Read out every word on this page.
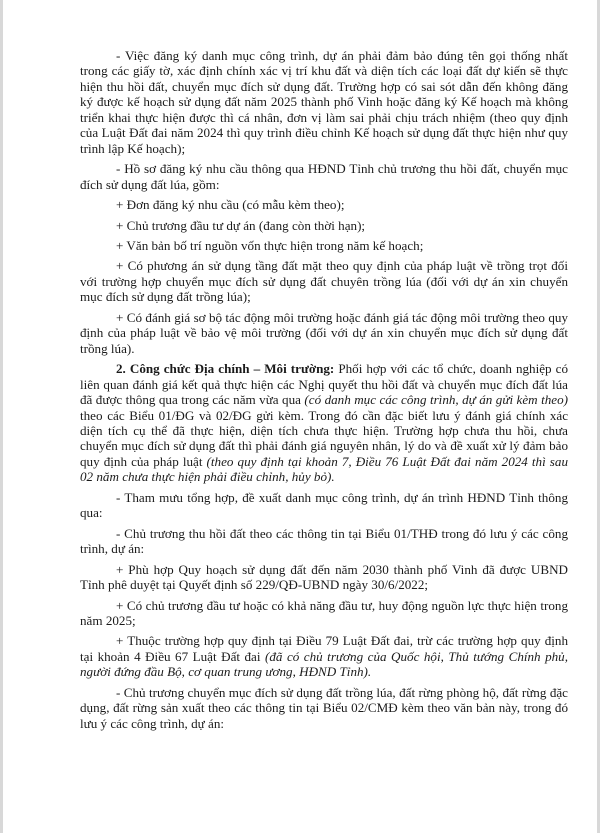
- Việc đăng ký danh mục công trình, dự án phải đảm bảo đúng tên gọi thống nhất trong các giấy tờ, xác định chính xác vị trí khu đất và diện tích các loại đất dự kiến sẽ thực hiện thu hồi đất, chuyển mục đích sử dụng đất. Trường hợp có sai sót dẫn đến không đăng ký được kế hoạch sử dụng đất năm 2025 thành phố Vinh hoặc đăng ký Kế hoạch mà không triển khai thực hiện được thì cá nhân, đơn vị làm sai phải chịu trách nhiệm (theo quy định của Luật Đất đai năm 2024 thì quy trình điều chỉnh Kế hoạch sử dụng đất thực hiện như quy trình lập Kế hoạch);

- Hồ sơ đăng ký nhu cầu thông qua HĐND Tỉnh chủ trương thu hồi đất, chuyển mục đích sử dụng đất lúa, gồm:

+ Đơn đăng ký nhu cầu (có mẫu kèm theo);

+ Chủ trương đầu tư dự án (đang còn thời hạn);

+ Văn bản bố trí nguồn vốn thực hiện trong năm kế hoạch;

+ Có phương án sử dụng tầng đất mặt theo quy định của pháp luật về trồng trọt đối với trường hợp chuyển mục đích sử dụng đất chuyên trồng lúa (đối với dự án xin chuyển mục đích sử dụng đất trồng lúa);

+ Có đánh giá sơ bộ tác động môi trường hoặc đánh giá tác động môi trường theo quy định của pháp luật về bảo vệ môi trường (đối với dự án xin chuyển mục đích sử dụng đất trồng lúa).

2. Công chức Địa chính – Môi trường: Phối hợp với các tổ chức, doanh nghiệp có liên quan đánh giá kết quả thực hiện các Nghị quyết thu hồi đất và chuyển mục đích đất lúa đã được thông qua trong các năm vừa qua (có danh mục các công trình, dự án gửi kèm theo) theo các Biểu 01/ĐG và 02/ĐG gửi kèm. Trong đó cần đặc biết lưu ý đánh giá chính xác diện tích cụ thể đã thực hiện, diện tích chưa thực hiện. Trường hợp chưa thu hồi, chưa chuyển mục đích sử dụng đất thì phải đánh giá nguyên nhân, lý do và đề xuất xử lý đảm bảo quy định của pháp luật (theo quy định tại khoản 7, Điều 76 Luật Đất đai năm 2024 thì sau 02 năm chưa thực hiện phải điều chỉnh, hủy bỏ).

- Tham mưu tổng hợp, đề xuất danh mục công trình, dự án trình HĐND Tỉnh thông qua:

- Chủ trương thu hồi đất theo các thông tin tại Biểu 01/THĐ trong đó lưu ý các công trình, dự án:

+ Phù hợp Quy hoạch sử dụng đất đến năm 2030 thành phố Vinh đã được UBND Tỉnh phê duyệt tại Quyết định số 229/QĐ-UBND ngày 30/6/2022;

+ Có chủ trương đầu tư hoặc có khả năng đầu tư, huy động nguồn lực thực hiện trong năm 2025;

+ Thuộc trường hợp quy định tại Điều 79 Luật Đất đai, trừ các trường hợp quy định tại khoản 4 Điều 67 Luật Đất đai (đã có chủ trương của Quốc hội, Thủ tướng Chính phủ, người đứng đầu Bộ, cơ quan trung ương, HĐND Tỉnh).

- Chủ trương chuyển mục đích sử dụng đất trồng lúa, đất rừng phòng hộ, đất rừng đặc dụng, đất rừng sản xuất theo các thông tin tại Biểu 02/CMĐ kèm theo văn bản này, trong đó lưu ý các công trình, dự án:
